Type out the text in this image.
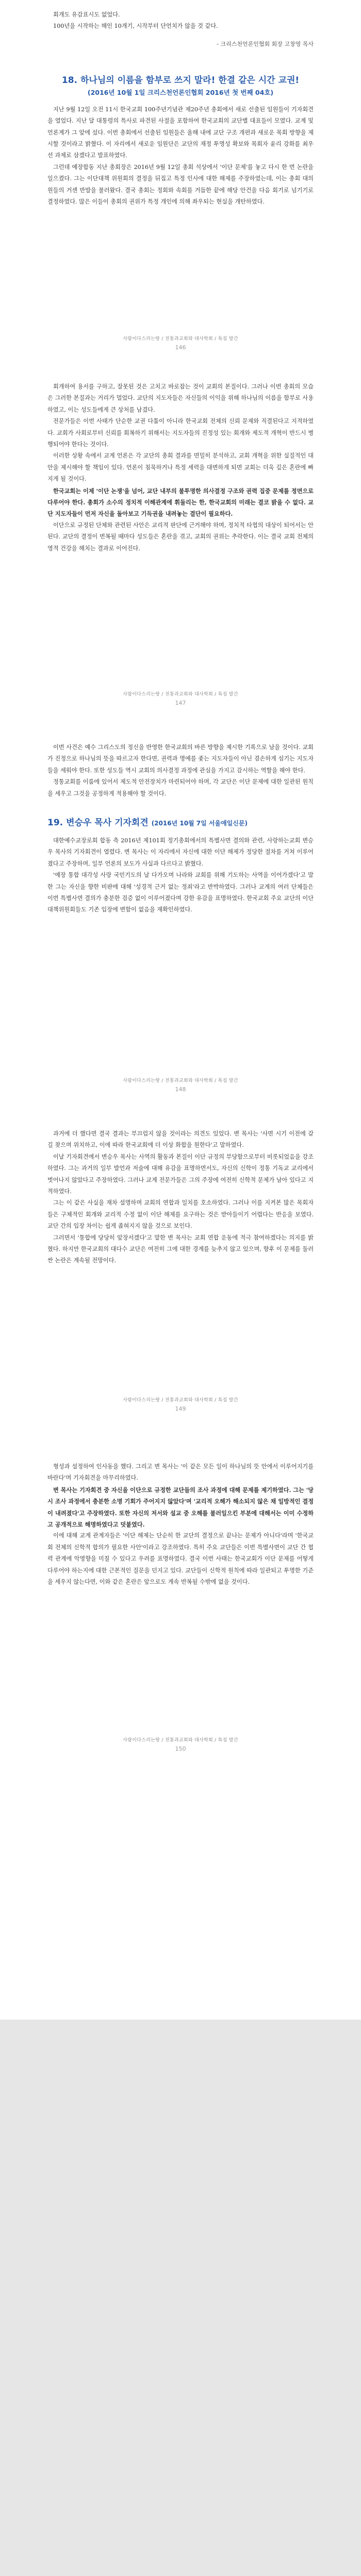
회개도 유감표시도 없었다.

100년을 시작하는 해인 10개기, 시작부터 단언치가 않을 것 같다.

- 크리스천언론인협회 회장 고창영 목사

18. 하나님의 이름을 함부로 쓰지 말라! 한결 같은 시간 교권!

(2016년 10월 1일 크리스천언론인협회 2016년 첫 번째 04호)

지난 9월 12일 오전 11시 한국교회 100주년기념관 제20주년 총회에서 새로 선출된 임원들이 기자회견을 열었다. 지난 달 대통령의 특사로 파견된 사절을 포함하여 한국교회의 교단별 대표들이 모였다. 교계 및 언론계가 그 앞에 섰다. 이번 총회에서 선출된 임원들은 올해 내에 교단 구조 개편과 새로운 목회 방향을 제시할 것이라고 밝혔다. 이 자리에서 새로운 임원단은 교단의 재정 투명성 확보와 목회자 윤리 강화를 최우선 과제로 삼겠다고 발표하였다.

그런데 예장합동 지난 총회장은 2016년 9월 12일 총회 석상에서 '이단 문제'를 놓고 다시 한 번 논란을 일으켰다. 그는 이단대책 위원회의 결정을 뒤집고 특정 인사에 대한 해제를 주장하였는데, 이는 총회 대의원들의 거센 반발을 불러왔다. 결국 총회는 정회와 속회를 거듭한 끝에 해당 안건을 다음 회기로 넘기기로 결정하였다. 많은 이들이 총회의 권위가 특정 개인에 의해 좌우되는 현실을 개탄하였다.

사람이다스리는땅 / 전통과교회와 대사학회 / 특집 발간
146

회개하여 용서를 구하고, 잘못된 것은 고치고 바로잡는 것이 교회의 본질이다. 그러나 이번 총회의 모습은 그러한 본질과는 거리가 멀었다. 교단의 지도자들은 자신들의 이익을 위해 하나님의 이름을 함부로 사용하였고, 이는 성도들에게 큰 상처를 남겼다.

전문가들은 이번 사태가 단순한 교권 다툼이 아니라 한국교회 전체의 신뢰 문제와 직결된다고 지적하였다. 교회가 사회로부터 신뢰를 회복하기 위해서는 지도자들의 진정성 있는 회개와 제도적 개혁이 반드시 병행되어야 한다는 것이다.

이러한 상황 속에서 교계 언론은 각 교단의 총회 결과를 면밀히 분석하고, 교회 개혁을 위한 실질적인 대안을 제시해야 할 책임이 있다. 언론이 침묵하거나 특정 세력을 대변하게 되면 교회는 더욱 깊은 혼란에 빠지게 될 것이다.

한국교회는 이제 '이단 논쟁'을 넘어, 교단 내부의 불투명한 의사결정 구조와 권력 집중 문제를 정면으로 다루어야 한다. 총회가 소수의 정치적 이해관계에 휘둘리는 한, 한국교회의 미래는 결코 밝을 수 없다. 교단 지도자들이 먼저 자신을 돌아보고 기득권을 내려놓는 결단이 필요하다.

이단으로 규정된 단체와 관련된 사안은 교리적 판단에 근거해야 하며, 정치적 타협의 대상이 되어서는 안 된다. 교단의 결정이 번복될 때마다 성도들은 혼란을 겪고, 교회의 권위는 추락한다. 이는 결국 교회 전체의 영적 건강을 해치는 결과로 이어진다.

사람이다스리는땅 / 전통과교회와 대사학회 / 특집 발간
147

이번 사건은 예수 그리스도의 정신을 반영한 한국교회의 바른 방향을 제시한 기록으로 남을 것이다. 교회가 진정으로 하나님의 뜻을 따르고자 한다면, 권력과 명예를 좇는 지도자들이 아닌 겸손하게 섬기는 지도자들을 세워야 한다. 또한 성도들 역시 교회의 의사결정 과정에 관심을 가지고 감시하는 역할을 해야 한다.

정통교회를 이룸에 있어서 제도적 안전장치가 마련되어야 하며, 각 교단은 이단 문제에 대한 일관된 원칙을 세우고 그것을 공정하게 적용해야 할 것이다.

19. 변승우 목사 기자회견 (2016년 10월 7일 서울애일신문)

대한예수교장로회 합동 측 2016년 제101회 정기총회에서의 특별사면 결의와 관련, 사랑하는교회 변승우 목사의 기자회견이 열렸다. 변 목사는 이 자리에서 자신에 대한 이단 해제가 정당한 절차를 거쳐 이루어졌다고 주장하며, 일부 언론의 보도가 사실과 다르다고 밝혔다.

'예장 통합 대각성 사랑 국민기도의 날 다가오며 나라와 교회를 위해 기도하는 사역을 이어가겠다'고 말한 그는 자신을 향한 비판에 대해 '성경적 근거 없는 정죄'라고 반박하였다. 그러나 교계의 여러 단체들은 이번 특별사면 결의가 충분한 검증 없이 이루어졌다며 강한 유감을 표명하였다. 한국교회 주요 교단의 이단대책위원회들도 기존 입장에 변함이 없음을 재확인하였다.

사람이다스리는땅 / 전통과교회와 대사학회 / 특집 발간
148

과거에 더 했다면 결국 결과는 부끄럽지 않을 것이라는 의견도 있었다. 변 목사는 '사면 시기 이전에 갈 길 찾으며 위치하고, 이에 따라 한국교회에 더 이상 화합을 원한다'고 말하였다.

이날 기자회견에서 변승우 목사는 사역의 활동과 본질이 이단 규정의 부당함으로부터 비롯되었음을 강조하였다. 그는 과거의 일부 발언과 저술에 대해 유감을 표명하면서도, 자신의 신학이 정통 기독교 교리에서 벗어나지 않았다고 주장하였다. 그러나 교계 전문가들은 그의 주장에 여전히 신학적 문제가 남아 있다고 지적하였다.

그는 이 같은 사실을 재차 설명하며 교회의 연합과 일치를 호소하였다. 그러나 이를 지켜본 많은 목회자들은 구체적인 회개와 교리적 수정 없이 이단 해제를 요구하는 것은 받아들이기 어렵다는 반응을 보였다. 교단 간의 입장 차이는 쉽게 좁혀지지 않을 것으로 보인다.

그러면서 '통합에 당당히 앞장서겠다'고 말한 변 목사는 교회 연합 운동에 적극 참여하겠다는 의지를 밝혔다. 하지만 한국교회의 대다수 교단은 여전히 그에 대한 경계를 늦추지 않고 있으며, 향후 이 문제를 둘러싼 논란은 계속될 전망이다.

사람이다스리는땅 / 전통과교회와 대사학회 / 특집 발간
149

형성과 설정하여 인사동을 했다. 그리고 변 목사는 '이 같은 모든 일이 하나님의 뜻 안에서 이루어지기를 바란다'며 기자회견을 마무리하였다.

변 목사는 기자회견 중 자신을 이단으로 규정한 교단들의 조사 과정에 대해 문제를 제기하였다. 그는 '당시 조사 과정에서 충분한 소명 기회가 주어지지 않았다'며 '교리적 오해가 해소되지 않은 채 일방적인 결정이 내려졌다'고 주장하였다. 또한 자신의 저서와 설교 중 오해를 불러일으킨 부분에 대해서는 이미 수정하고 공개적으로 해명하였다고 덧붙였다.

이에 대해 교계 관계자들은 '이단 해제는 단순히 한 교단의 결정으로 끝나는 문제가 아니다'라며 '한국교회 전체의 신학적 합의가 필요한 사안'이라고 강조하였다. 특히 주요 교단들은 이번 특별사면이 교단 간 협력 관계에 악영향을 미칠 수 있다고 우려를 표명하였다. 결국 이번 사태는 한국교회가 이단 문제를 어떻게 다루어야 하는지에 대한 근본적인 질문을 던지고 있다. 교단들이 신학적 원칙에 따라 일관되고 투명한 기준을 세우지 않는다면, 이와 같은 혼란은 앞으로도 계속 반복될 수밖에 없을 것이다.

사람이다스리는땅 / 전통과교회와 대사학회 / 특집 발간
150
